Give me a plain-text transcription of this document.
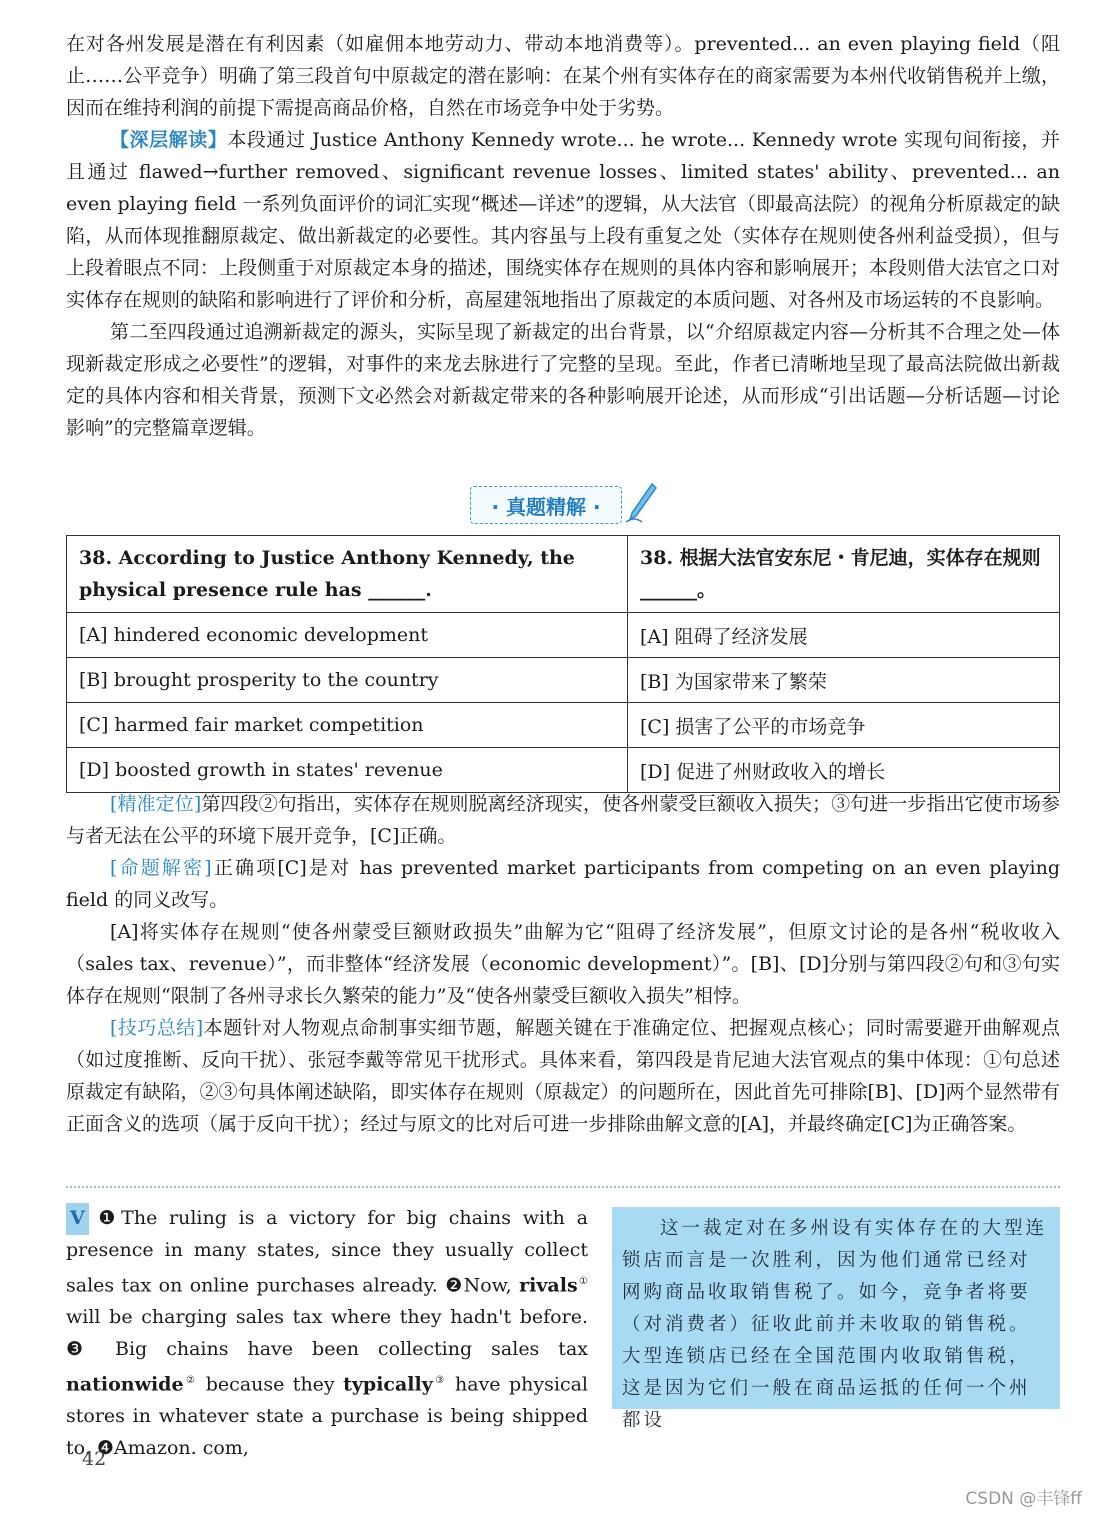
在对各州发展是潜在有利因素（如雇佣本地劳动力、带动本地消费等）。prevented... an even playing field（阻止……公平竞争）明确了第三段首句中原裁定的潜在影响：在某个州有实体存在的商家需要为本州代收销售税并上缴，因而在维持利润的前提下需提高商品价格，自然在市场竞争中处于劣势。

【深层解读】本段通过 Justice Anthony Kennedy wrote... he wrote... Kennedy wrote 实现句间衔接，并且通过 flawed→further removed、significant revenue losses、limited states' ability、prevented... an even playing field 一系列负面评价的词汇实现“概述—详述”的逻辑，从大法官（即最高法院）的视角分析原裁定的缺陷，从而体现推翻原裁定、做出新裁定的必要性。其内容虽与上段有重复之处（实体存在规则使各州利益受损），但与上段着眼点不同：上段侧重于对原裁定本身的描述，围绕实体存在规则的具体内容和影响展开；本段则借大法官之口对实体存在规则的缺陷和影响进行了评价和分析，高屋建瓴地指出了原裁定的本质问题、对各州及市场运转的不良影响。

第二至四段通过追溯新裁定的源头，实际呈现了新裁定的出台背景，以“介绍原裁定内容—分析其不合理之处—体现新裁定形成之必要性”的逻辑，对事件的来龙去脉进行了完整的呈现。至此，作者已清晰地呈现了最高法院做出新裁定的具体内容和相关背景，预测下文必然会对新裁定带来的各种影响展开论述，从而形成“引出话题—分析话题—讨论影响”的完整篇章逻辑。

· 真题精解 ·
38. According to Justice Anthony Kennedy, the physical presence rule has ______.	38. 根据大法官安东尼・肯尼迪，实体存在规则______。
[A] hindered economic development	[A] 阻碍了经济发展
[B] brought prosperity to the country	[B] 为国家带来了繁荣
[C] harmed fair market competition	[C] 损害了公平的市场竞争
[D] boosted growth in states' revenue	[D] 促进了州财政收入的增长

[精准定位]第四段②句指出，实体存在规则脱离经济现实，使各州蒙受巨额收入损失；③句进一步指出它使市场参与者无法在公平的环境下展开竞争，[C]正确。

[命题解密]正确项[C]是对 has prevented market participants from competing on an even playing field 的同义改写。

[A]将实体存在规则“使各州蒙受巨额财政损失”曲解为它“阻碍了经济发展”，但原文讨论的是各州“税收收入（sales tax、revenue）”，而非整体“经济发展（economic development）”。[B]、[D]分别与第四段②句和③句实体存在规则“限制了各州寻求长久繁荣的能力”及“使各州蒙受巨额收入损失”相悖。

[技巧总结]本题针对人物观点命制事实细节题，解题关键在于准确定位、把握观点核心；同时需要避开曲解观点（如过度推断、反向干扰）、张冠李戴等常见干扰形式。具体来看，第四段是肯尼迪大法官观点的集中体现：①句总述原裁定有缺陷，②③句具体阐述缺陷，即实体存在规则（原裁定）的问题所在，因此首先可排除[B]、[D]两个显然带有正面含义的选项（属于反向干扰）；经过与原文的比对后可进一步排除曲解文意的[A]，并最终确定[C]为正确答案。

V ❶The ruling is a victory for big chains with a presence in many states, since they usually collect sales tax on online purchases already. ❷Now, rivals① will be charging sales tax where they hadn't before. ❸ Big chains have been collecting sales tax nationwide② because they typically③ have physical stores in whatever state a purchase is being shipped to. ❹Amazon. com,
这一裁定对在多州设有实体存在的大型连锁店而言是一次胜利，因为他们通常已经对网购商品收取销售税了。如今，竞争者将要（对消费者）征收此前并未收取的销售税。大型连锁店已经在全国范围内收取销售税，这是因为它们一般在商品运抵的任何一个州都设
42
CSDN @丰锋ff
